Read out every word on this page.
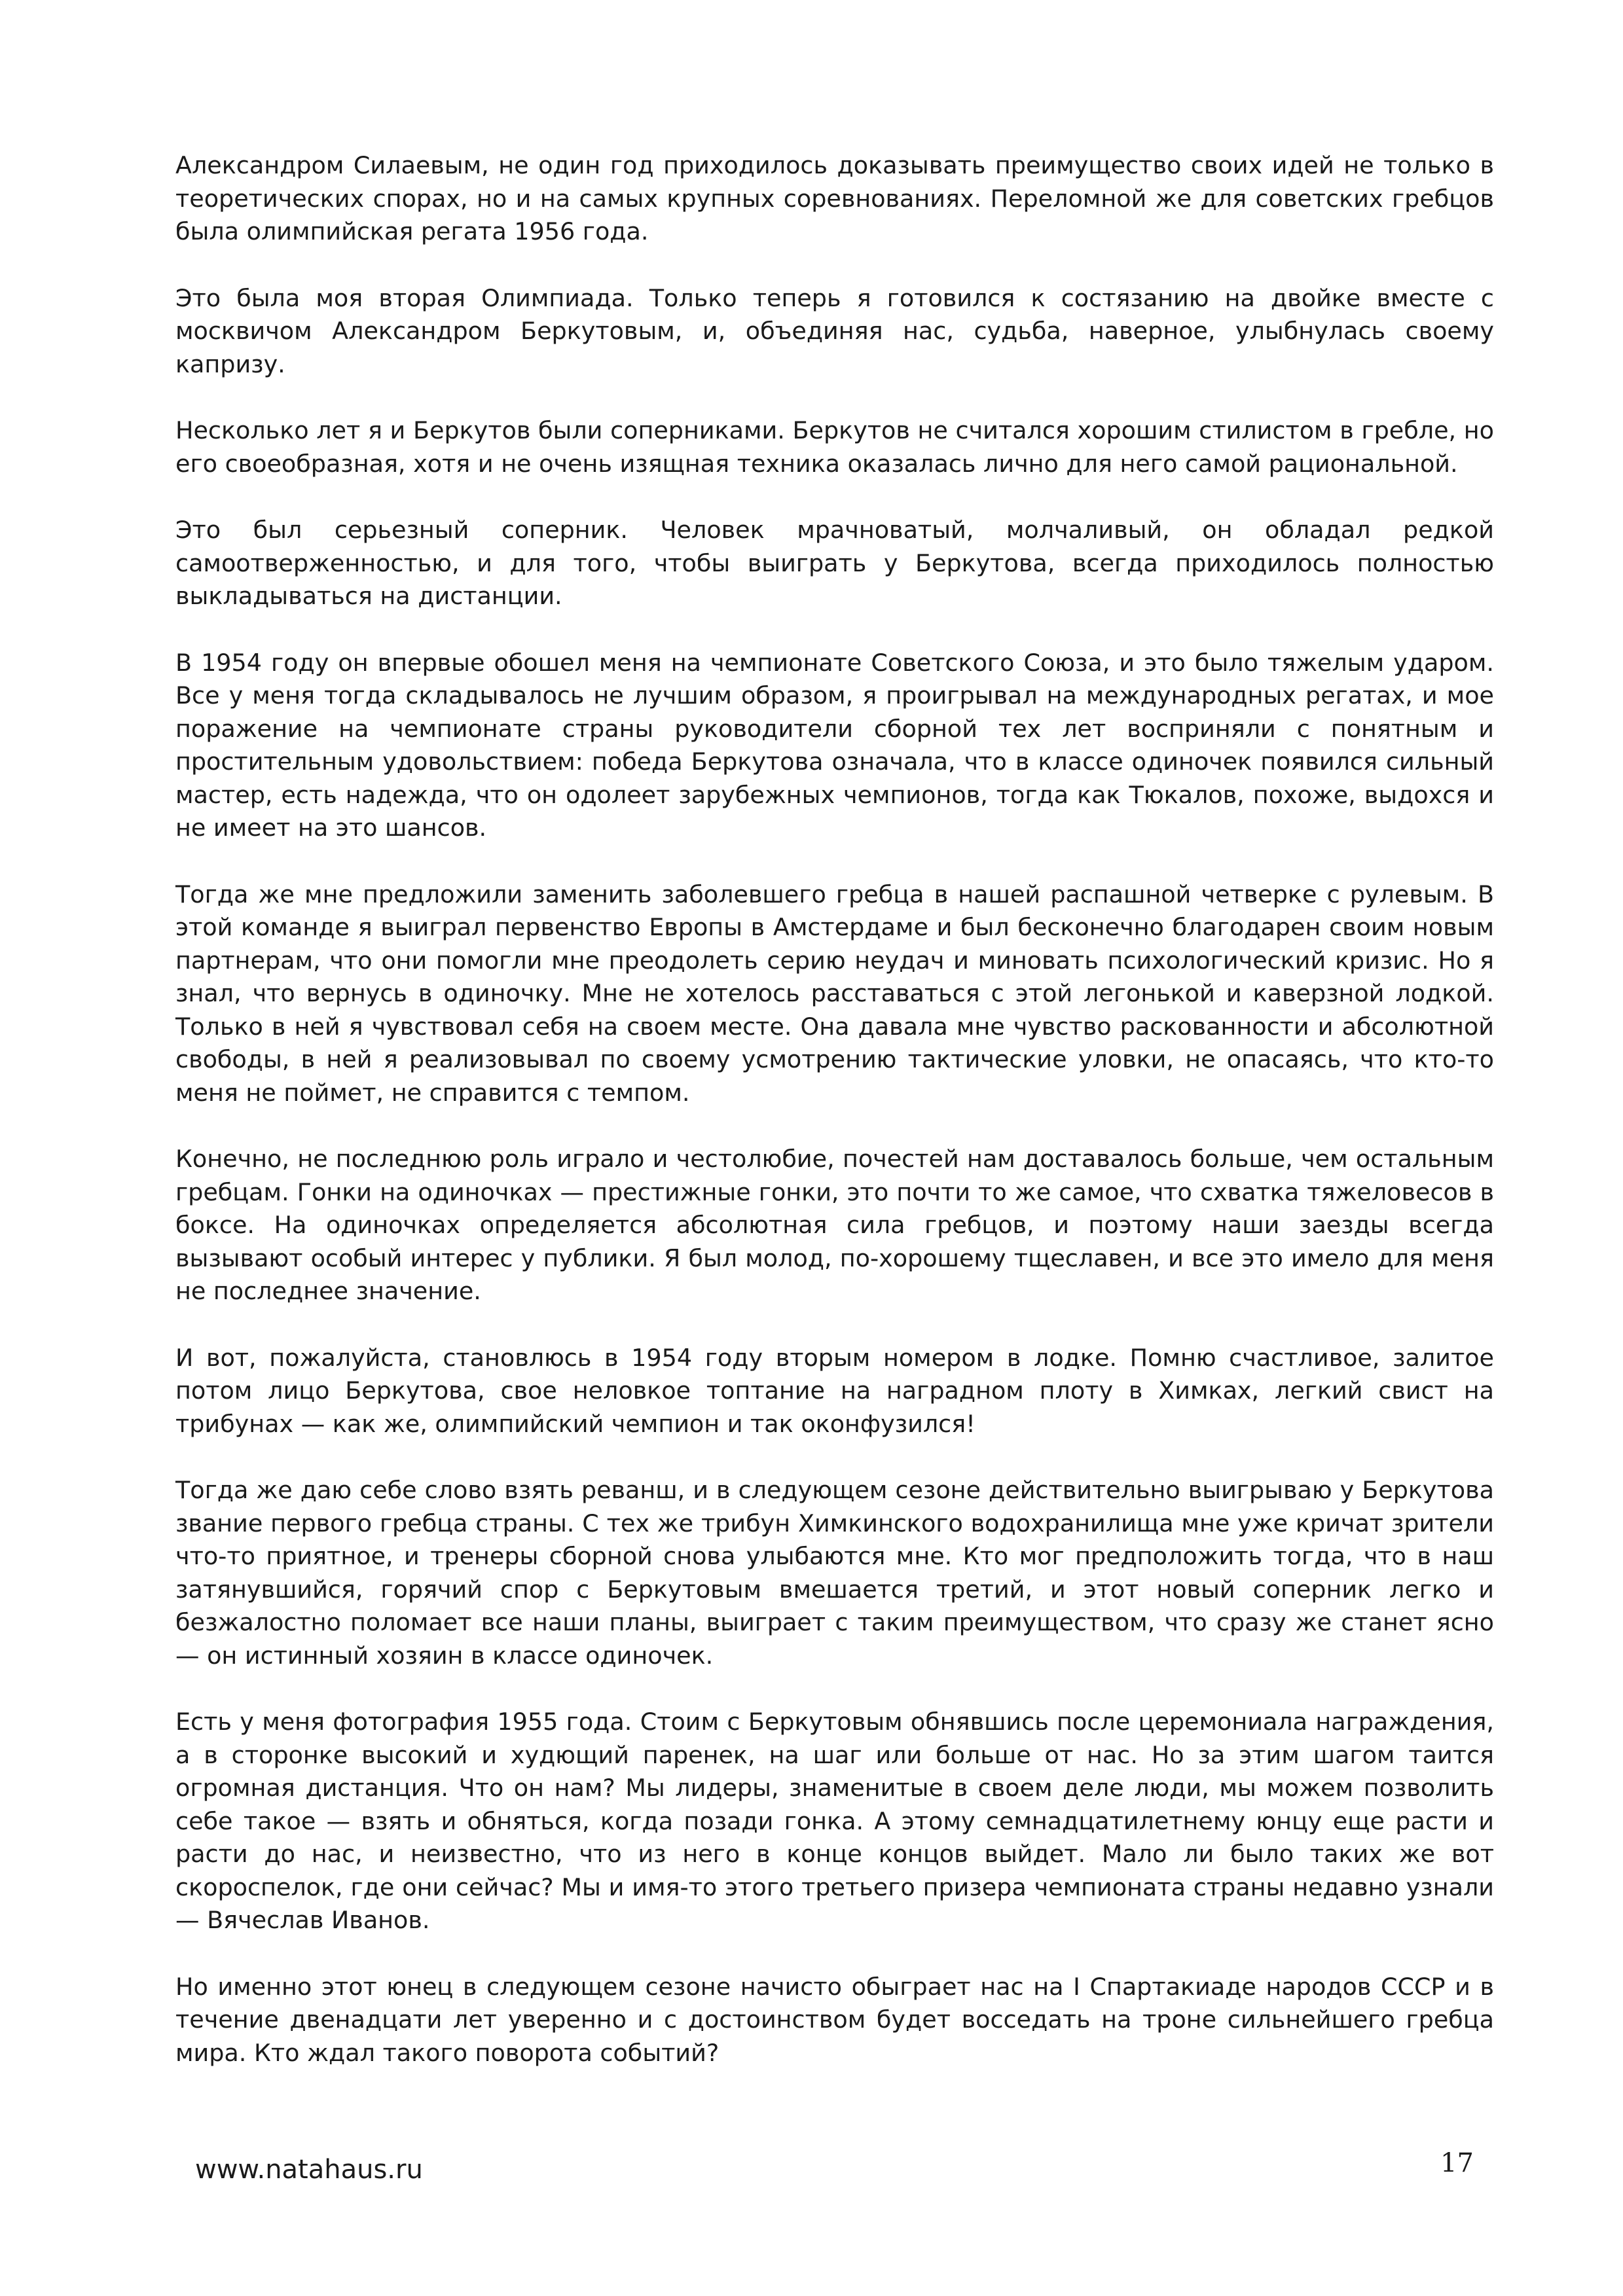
Александром Силаевым, не один год приходилось доказывать преимущество своих идей не только в теоретических спорах, но и на самых крупных соревнованиях. Переломной же для советских гребцов была олимпийская регата 1956 года.

Это была моя вторая Олимпиада. Только теперь я готовился к состязанию на двойке вместе с москвичом Александром Беркутовым, и, объединяя нас, судьба, наверное, улыбнулась своему капризу.

Несколько лет я и Беркутов были соперниками. Беркутов не считался хорошим стилистом в гребле, но его своеобразная, хотя и не очень изящная техника оказалась лично для него самой рациональной.

Это был серьезный соперник. Человек мрачноватый, молчаливый, он обладал редкой самоотверженностью, и для того, чтобы выиграть у Беркутова, всегда приходилось полностью выкладываться на дистанции.

В 1954 году он впервые обошел меня на чемпионате Советского Союза, и это было тяжелым ударом. Все у меня тогда складывалось не лучшим образом, я проигрывал на международных регатах, и мое поражение на чемпионате страны руководители сборной тех лет восприняли с понятным и простительным удовольствием: победа Беркутова означала, что в классе одиночек появился сильный мастер, есть надежда, что он одолеет зарубежных чемпионов, тогда как Тюкалов, похоже, выдохся и не имеет на это шансов.

Тогда же мне предложили заменить заболевшего гребца в нашей распашной четверке с рулевым. В этой команде я выиграл первенство Европы в Амстердаме и был бесконечно благодарен своим новым партнерам, что они помогли мне преодолеть серию неудач и миновать психологический кризис. Но я знал, что вернусь в одиночку. Мне не хотелось расставаться с этой легонькой и каверзной лодкой. Только в ней я чувствовал себя на своем месте. Она давала мне чувство раскованности и абсолютной свободы, в ней я реализовывал по своему усмотрению тактические уловки, не опасаясь, что кто-то меня не поймет, не справится с темпом.

Конечно, не последнюю роль играло и честолюбие, почестей нам доставалось больше, чем остальным гребцам. Гонки на одиночках — престижные гонки, это почти то же самое, что схватка тяжеловесов в боксе. На одиночках определяется абсолютная сила гребцов, и поэтому наши заезды всегда вызывают особый интерес у публики. Я был молод, по-хорошему тщеславен, и все это имело для меня не последнее значение.

И вот, пожалуйста, становлюсь в 1954 году вторым номером в лодке. Помню счастливое, залитое потом лицо Беркутова, свое неловкое топтание на наградном плоту в Химках, легкий свист на трибунах — как же, олимпийский чемпион и так оконфузился!

Тогда же даю себе слово взять реванш, и в следующем сезоне действительно выигрываю у Беркутова звание первого гребца страны. С тех же трибун Химкинского водохранилища мне уже кричат зрители что-то приятное, и тренеры сборной снова улыбаются мне. Кто мог предположить тогда, что в наш затянувшийся, горячий спор с Беркутовым вмешается третий, и этот новый соперник легко и безжалостно поломает все наши планы, выиграет с таким преимуществом, что сразу же станет ясно — он истинный хозяин в классе одиночек.

Есть у меня фотография 1955 года. Стоим с Беркутовым обнявшись после церемониала награждения, а в сторонке высокий и худющий паренек, на шаг или больше от нас. Но за этим шагом таится огромная дистанция. Что он нам? Мы лидеры, знаменитые в своем деле люди, мы можем позволить себе такое — взять и обняться, когда позади гонка. А этому семнадцатилетнему юнцу еще расти и расти до нас, и неизвестно, что из него в конце концов выйдет. Мало ли было таких же вот скороспелок, где они сейчас? Мы и имя-то этого третьего призера чемпионата страны недавно узнали — Вячеслав Иванов.

Но именно этот юнец в следующем сезоне начисто обыграет нас на I Спартакиаде народов СССР и в течение двенадцати лет уверенно и с достоинством будет восседать на троне сильнейшего гребца мира. Кто ждал такого поворота событий?

www.natahaus.ru	17
